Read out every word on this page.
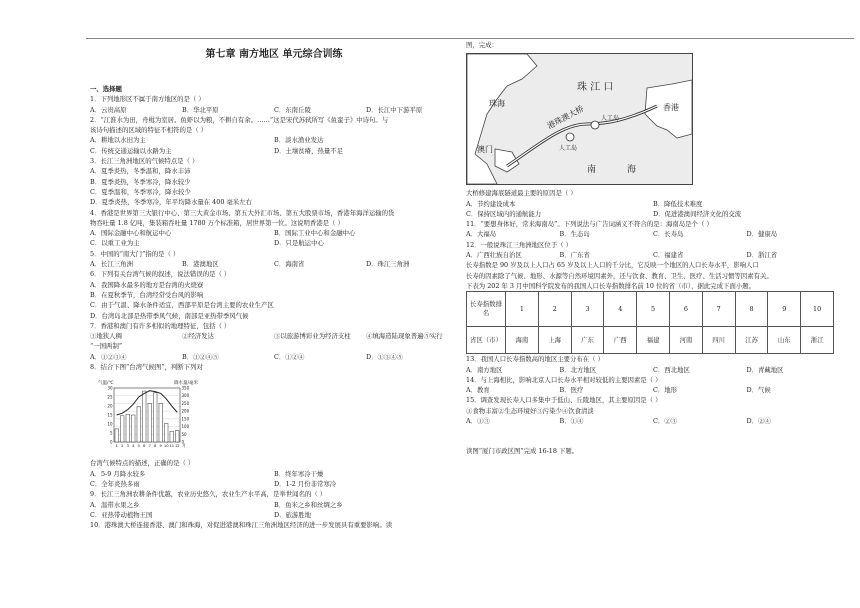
第七章 南方地区 单元综合训练
一、选择题
1．下列地形区不属于南方地区的是（ ）
A．云贵高原	B．华北平原	C．东南丘陵	D．长江中下游平原
2．“江淮水为田，舟楫为室居。鱼虾以为粮，不耕自有余。……”这是宋代苏轼所写《鱼蛮子》中诗句。与
该诗句描述的区域的特征不相符的是（ ）
A．耕地以水田为主	B．淡水渔业发达
C．传统交通运输以水路为主	D．土壤贫瘠，热量不足
3．长江三角洲地区的气候特点是（ ）
A．夏季炎热，冬季温和，降水丰沛
B．夏季炎热，冬季寒冷，降水较少
C．夏季温和，冬季寒冷，降水较少
D．夏季炎热，冬季寒冷，年平均降水量在 400 毫米左右
4．香港是世界第三大银行中心、第三大黄金市场、第五大外汇市场、第五大股票市场，香港年海洋运输的货
物吞吐量 1.8 亿吨，集装箱吞吐量 1780 万个标准箱，居世界第一位。这说明香港是（ ）
A．国际金融中心和航运中心	B．国际工业中心和金融中心
C．以重工业为主	D．只是航运中心
5．中国的“南大门”指的是（ ）
A．长江三角洲	B．港澳地区	C．海南省	D．珠江三角洲
6．下列有关台湾气候的叙述，说法错误的是（ ）
A．我国降水最多的地方是台湾的火烧寮
B．在夏秋季节，台湾经常受台风的影响
C．由于气温、降水条件适宜，西部平原是台湾主要的农业生产区
D．台湾岛北部是热带季风气候，南部是亚热带季风气候
7．香港和澳门有许多相似的地理特征，包括（ ）
①地狭人稠	②经济发达	③以旅游博彩业为经济支柱	④填海造陆现象普遍⑤实行
“一国两制”
A．①②③④	B．①②④⑤	C．①②④	D．①③④⑤
8．结合下图“台湾气候图”，判断下列对
气温/℃	降水量/毫米
30
25
20
15
10
5
0
350
300
250
200
150
100
50
0
1 2 3 4 5 6 7 8 9 10 11 12 月
台湾气候特点的描述，正确的是（ ）
A．5-9 月降水较多	B．终年寒冷干燥
C．全年炎热多雨	D．1-2 月份非常寒冷
9．长江三角洲农耕条件优越，农业历史悠久，农业生产水平高，是举世闻名的（ ）
A．温带水果之乡	B．鱼米之乡和丝绸之乡
C．亚热带动植物王国	D．旅游胜地
10．港珠澳大桥连接香港、澳门和珠海，对促进港澳和珠江三角洲地区经济的进一步发展具有重要影响。读
图，完成：
珠 江 口
珠海	香港
澳门
港珠澳大桥
人工岛
人工岛
南	海
大桥修建海底隧道最主要的原因是（ ）
A．节约建设成本	B．降低技术难度
C．保持区域内的通航能力	D．促进港澳间经济文化的交流
11．“要想身体好，常来海南岛”。下列说法与广告词涵义不符合的是：海南岛是个（ ）
A．大福岛	B．生态岛	C．长寿岛	D．健康岛
12．一般说珠江三角洲地区位于（ ）
A．广西壮族自治区	B．广东省	C．福建省	D．浙江省
长寿指数是 90 岁及以上人口占 65 岁及以上人口的千分比，它反映一个地区的人口长寿水平，影响人口
长寿的因素除了气候、地形、水源等自然环境因素外，还与饮食、教育、卫生、医疗、生活习惯等因素有关。
下表为 202 年 3 月中国科学院发布的我国人口长寿指数排名前 10 位的省（市），据此完成下面小题。
长寿指数排名	1	2	3	4	5	6	7	8	9	10
省区（市）	海南	上海	广东	广西	福建	河南	四川	江苏	山东	浙江
13．我国人口长寿指数高的地区主要分布在（ ）
A．南方地区	B．北方地区	C．西北地区	D．青藏地区
14．与上海相比，影响北京人口长寿水平相对较低的主要因素是（ ）
A．教育	B．医疗	C．地形	D．气候
15．调查发现长寿人口多集中于低山、丘陵地区，其主要原因是（ ）
①食物丰富②生态环境好③污染少④饮食清淡
A．①③	B．①④	C．②③	D．②④
读图“厦门市政区图”完成 16-18 下题。
